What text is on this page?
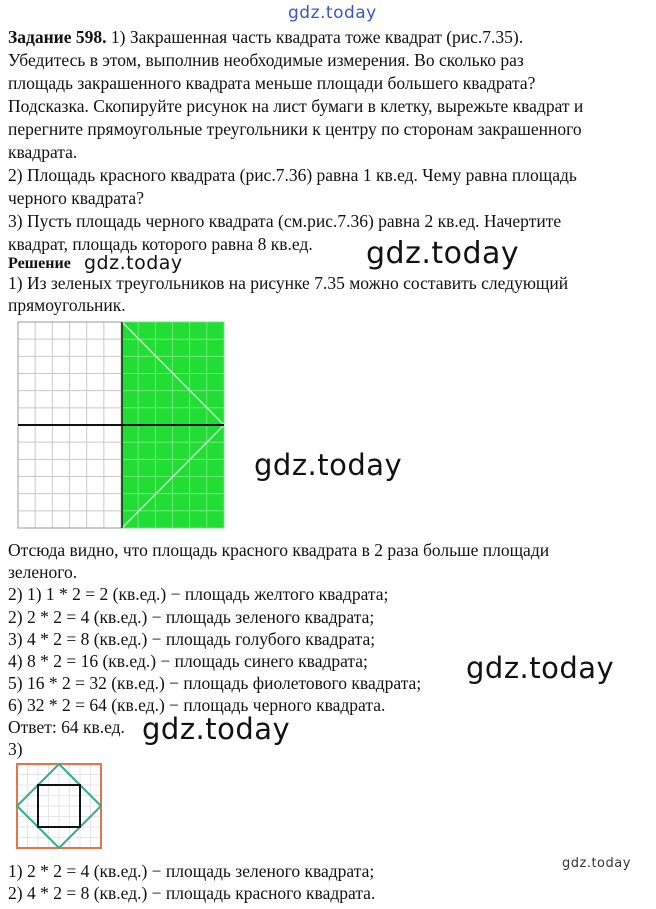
gdz.today
Задание 598. 1) Закрашенная часть квадрата тоже квадрат (рис.7.35).
Убедитесь в этом, выполнив необходимые измерения. Во сколько раз
площадь закрашенного квадрата меньше площади большего квадрата?
Подсказка. Скопируйте рисунок на лист бумаги в клетку, вырежьте квадрат и
перегните прямоугольные треугольники к центру по сторонам закрашенного
квадрата.
2) Площадь красного квадрата (рис.7.36) равна 1 кв.ед. Чему равна площадь
черного квадрата?
3) Пусть площадь черного квадрата (см.рис.7.36) равна 2 кв.ед. Начертите
квадрат, площадь которого равна 8 кв.ед. gdz.today
Решение gdz.today
1) Из зеленых треугольников на рисунке 7.35 можно составить следующий
прямоугольник.
gdz.today
Отсюда видно, что площадь красного квадрата в 2 раза больше площади
зеленого.
2) 1) 1 * 2 = 2 (кв.ед.) − площадь желтого квадрата;
2) 2 * 2 = 4 (кв.ед.) − площадь зеленого квадрата;
3) 4 * 2 = 8 (кв.ед.) − площадь голубого квадрата;
4) 8 * 2 = 16 (кв.ед.) − площадь синего квадрата;
5) 16 * 2 = 32 (кв.ед.) − площадь фиолетового квадрата;
6) 32 * 2 = 64 (кв.ед.) − площадь черного квадрата.
gdz.today
Ответ: 64 кв.ед. gdz.today
3)
1) 2 * 2 = 4 (кв.ед.) − площадь зеленого квадрата;
2) 4 * 2 = 8 (кв.ед.) − площадь красного квадрата.
gdz.today
